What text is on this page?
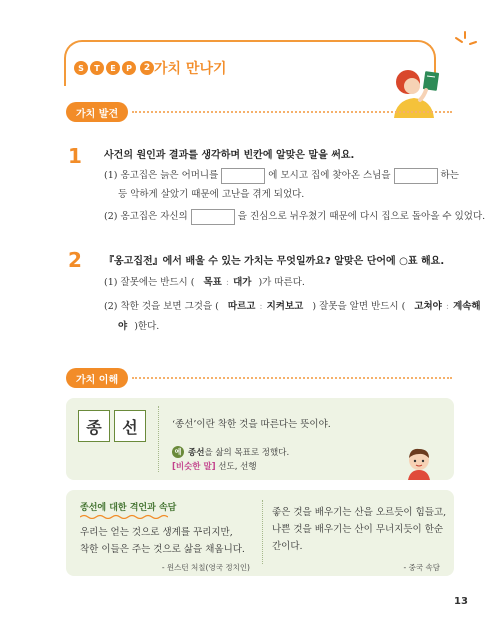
S	T	E	P	2 가치 만나기
가치 발견
1 사건의 원인과 결과를 생각하며 빈칸에 알맞은 말을 써요.
(1) 옹고집은 늙은 어머니를	에 모시고 집에 찾아온 스님을	하는
등 악하게 살았기 때문에 고난을 겪게 되었다.
(2) 옹고집은 자신의	을 진심으로 뉘우쳤기 때문에 다시 집으로 돌아올 수 있었다.
2 『옹고집전』에서 배울 수 있는 가치는 무엇일까요? 알맞은 단어에 ○표 해요.
(1) 잘못에는 반드시 ( 목표 : 대가 )가 따른다.
(2) 착한 것을 보면 그것을 ( 따르고 : 지켜보고 ) 잘못을 알면 반드시 ( 고쳐야 : 계속해
야 )한다.
가치 이해
종	선	‘종선’이란 착한 것을 따른다는 뜻이야.
예 종선을 삶의 목표로 정했다.
[비슷한 말] 선도, 선행
종선에 대한 격언과 속담
우리는 얻는 것으로 생계를 꾸리지만,
착한 이들은 주는 것으로 삶을 채웁니다.
- 윈스턴 처칠(영국 정치인)
좋은 것을 배우기는 산을 오르듯이 힘들고,
나쁜 것을 배우기는 산이 무너지듯이 한순
간이다.
- 중국 속담
13
